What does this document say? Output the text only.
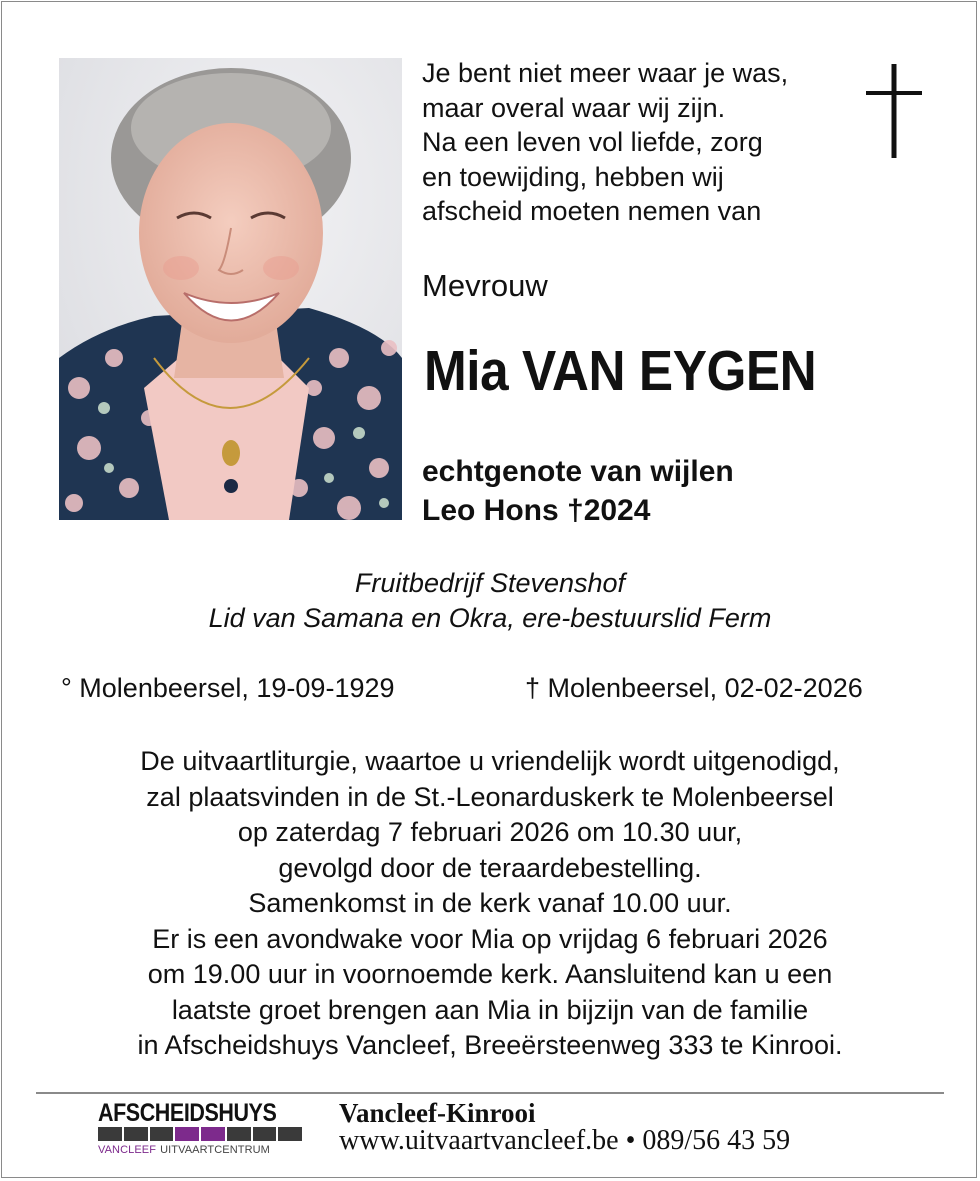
Je bent niet meer waar je was,
maar overal waar wij zijn.
Na een leven vol liefde, zorg
en toewijding, hebben wij
afscheid moeten nemen van
Mevrouw
Mia VAN EYGEN
echtgenote van wijlen
Leo Hons †2024
Fruitbedrijf Stevenshof
Lid van Samana en Okra, ere-bestuurslid Ferm
° Molenbeersel, 19-09-1929	† Molenbeersel, 02-02-2026
De uitvaartliturgie, waartoe u vriendelijk wordt uitgenodigd,
zal plaatsvinden in de St.-Leonarduskerk te Molenbeersel
op zaterdag 7 februari 2026 om 10.30 uur,
gevolgd door de teraardebestelling.
Samenkomst in de kerk vanaf 10.00 uur.
Er is een avondwake voor Mia op vrijdag 6 februari 2026
om 19.00 uur in voornoemde kerk. Aansluitend kan u een
laatste groet brengen aan Mia in bijzijn van de familie
in Afscheidshuys Vancleef, Breeërsteenweg 333 te Kinrooi.
AFSCHEIDSHUYS
VANCLEEF UITVAARTCENTRUM
Vancleef-Kinrooi
www.uitvaartvancleef.be • 089/56 43 59
